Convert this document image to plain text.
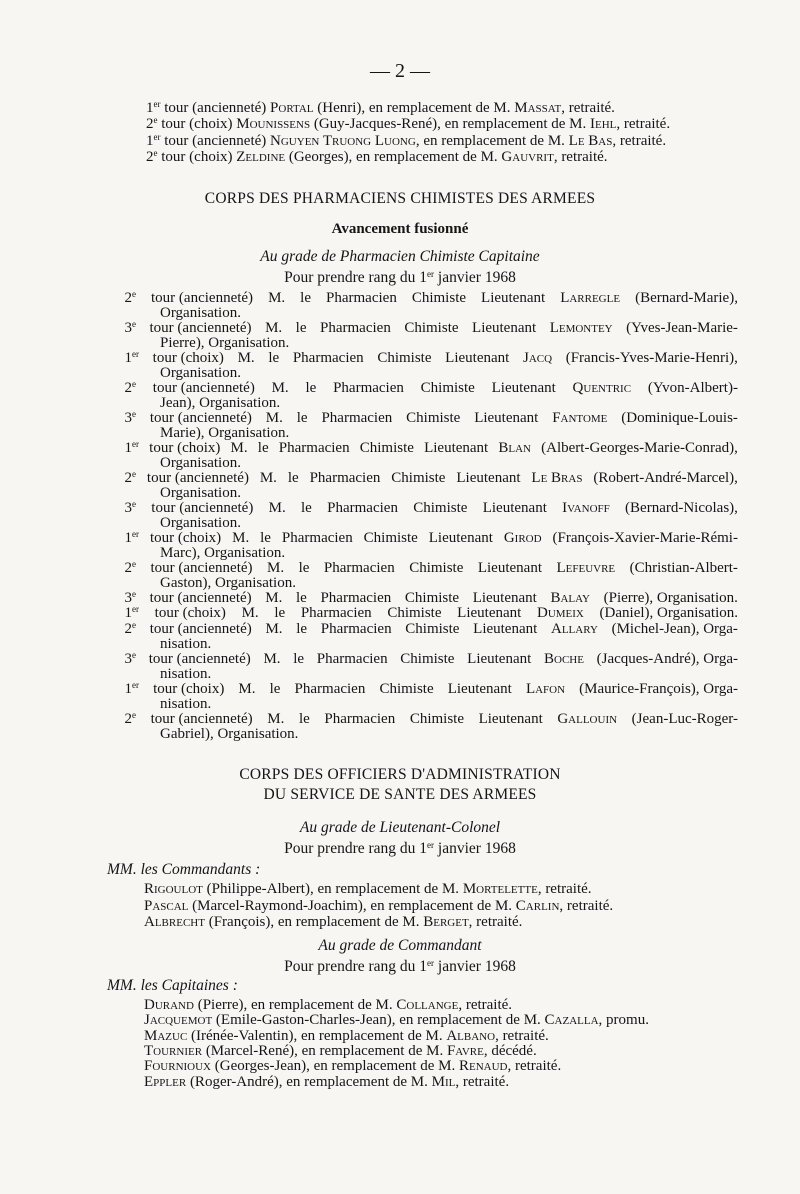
— 2 —
1er tour (ancienneté) Portal (Henri), en remplacement de M. Massat, retraité.
2e tour (choix) Mounissens (Guy-Jacques-René), en remplacement de M. Iehl, retraité.
1er tour (ancienneté) Nguyen Truong Luong, en remplacement de M. Le Bas, retraité.
2e tour (choix) Zeldine (Georges), en remplacement de M. Gauvrit, retraité.
CORPS DES PHARMACIENS CHIMISTES DES ARMEES
Avancement fusionné
Au grade de Pharmacien Chimiste Capitaine
Pour prendre rang du 1er janvier 1968
2e tour (ancienneté) M. le Pharmacien Chimiste Lieutenant Larregle (Bernard-Marie),
Organisation.
3e tour (ancienneté) M. le Pharmacien Chimiste Lieutenant Lemontey (Yves-Jean-Marie-
Pierre), Organisation.
1er tour (choix) M. le Pharmacien Chimiste Lieutenant Jacq (Francis-Yves-Marie-Henri),
Organisation.
2e tour (ancienneté) M. le Pharmacien Chimiste Lieutenant Quentric (Yvon-Albert)-
Jean), Organisation.
3e tour (ancienneté) M. le Pharmacien Chimiste Lieutenant Fantome (Dominique-Louis-
Marie), Organisation.
1er tour (choix) M. le Pharmacien Chimiste Lieutenant Blan (Albert-Georges-Marie-Conrad),
Organisation.
2e tour (ancienneté) M. le Pharmacien Chimiste Lieutenant Le Bras (Robert-André-Marcel),
Organisation.
3e tour (ancienneté) M. le Pharmacien Chimiste Lieutenant Ivanoff (Bernard-Nicolas),
Organisation.
1er tour (choix) M. le Pharmacien Chimiste Lieutenant Girod (François-Xavier-Marie-Rémi-
Marc), Organisation.
2e tour (ancienneté) M. le Pharmacien Chimiste Lieutenant Lefeuvre (Christian-Albert-
Gaston), Organisation.
3e tour (ancienneté) M. le Pharmacien Chimiste Lieutenant Balay (Pierre), Organisation.
1er tour (choix) M. le Pharmacien Chimiste Lieutenant Dumeix (Daniel), Organisation.
2e tour (ancienneté) M. le Pharmacien Chimiste Lieutenant Allary (Michel-Jean), Orga-
nisation.
3e tour (ancienneté) M. le Pharmacien Chimiste Lieutenant Boche (Jacques-André), Orga-
nisation.
1er tour (choix) M. le Pharmacien Chimiste Lieutenant Lafon (Maurice-François), Orga-
nisation.
2e tour (ancienneté) M. le Pharmacien Chimiste Lieutenant Gallouin (Jean-Luc-Roger-
Gabriel), Organisation.
CORPS DES OFFICIERS D'ADMINISTRATION
DU SERVICE DE SANTE DES ARMEES
Au grade de Lieutenant-Colonel
Pour prendre rang du 1er janvier 1968
MM. les Commandants :
Rigoulot (Philippe-Albert), en remplacement de M. Mortelette, retraité.
Pascal (Marcel-Raymond-Joachim), en remplacement de M. Carlin, retraité.
Albrecht (François), en remplacement de M. Berget, retraité.
Au grade de Commandant
Pour prendre rang du 1er janvier 1968
MM. les Capitaines :
Durand (Pierre), en remplacement de M. Collange, retraité.
Jacquemot (Emile-Gaston-Charles-Jean), en remplacement de M. Cazalla, promu.
Mazuc (Irénée-Valentin), en remplacement de M. Albano, retraité.
Tournier (Marcel-René), en remplacement de M. Favre, décédé.
Fournioux (Georges-Jean), en remplacement de M. Renaud, retraité.
Eppler (Roger-André), en remplacement de M. Mil, retraité.
